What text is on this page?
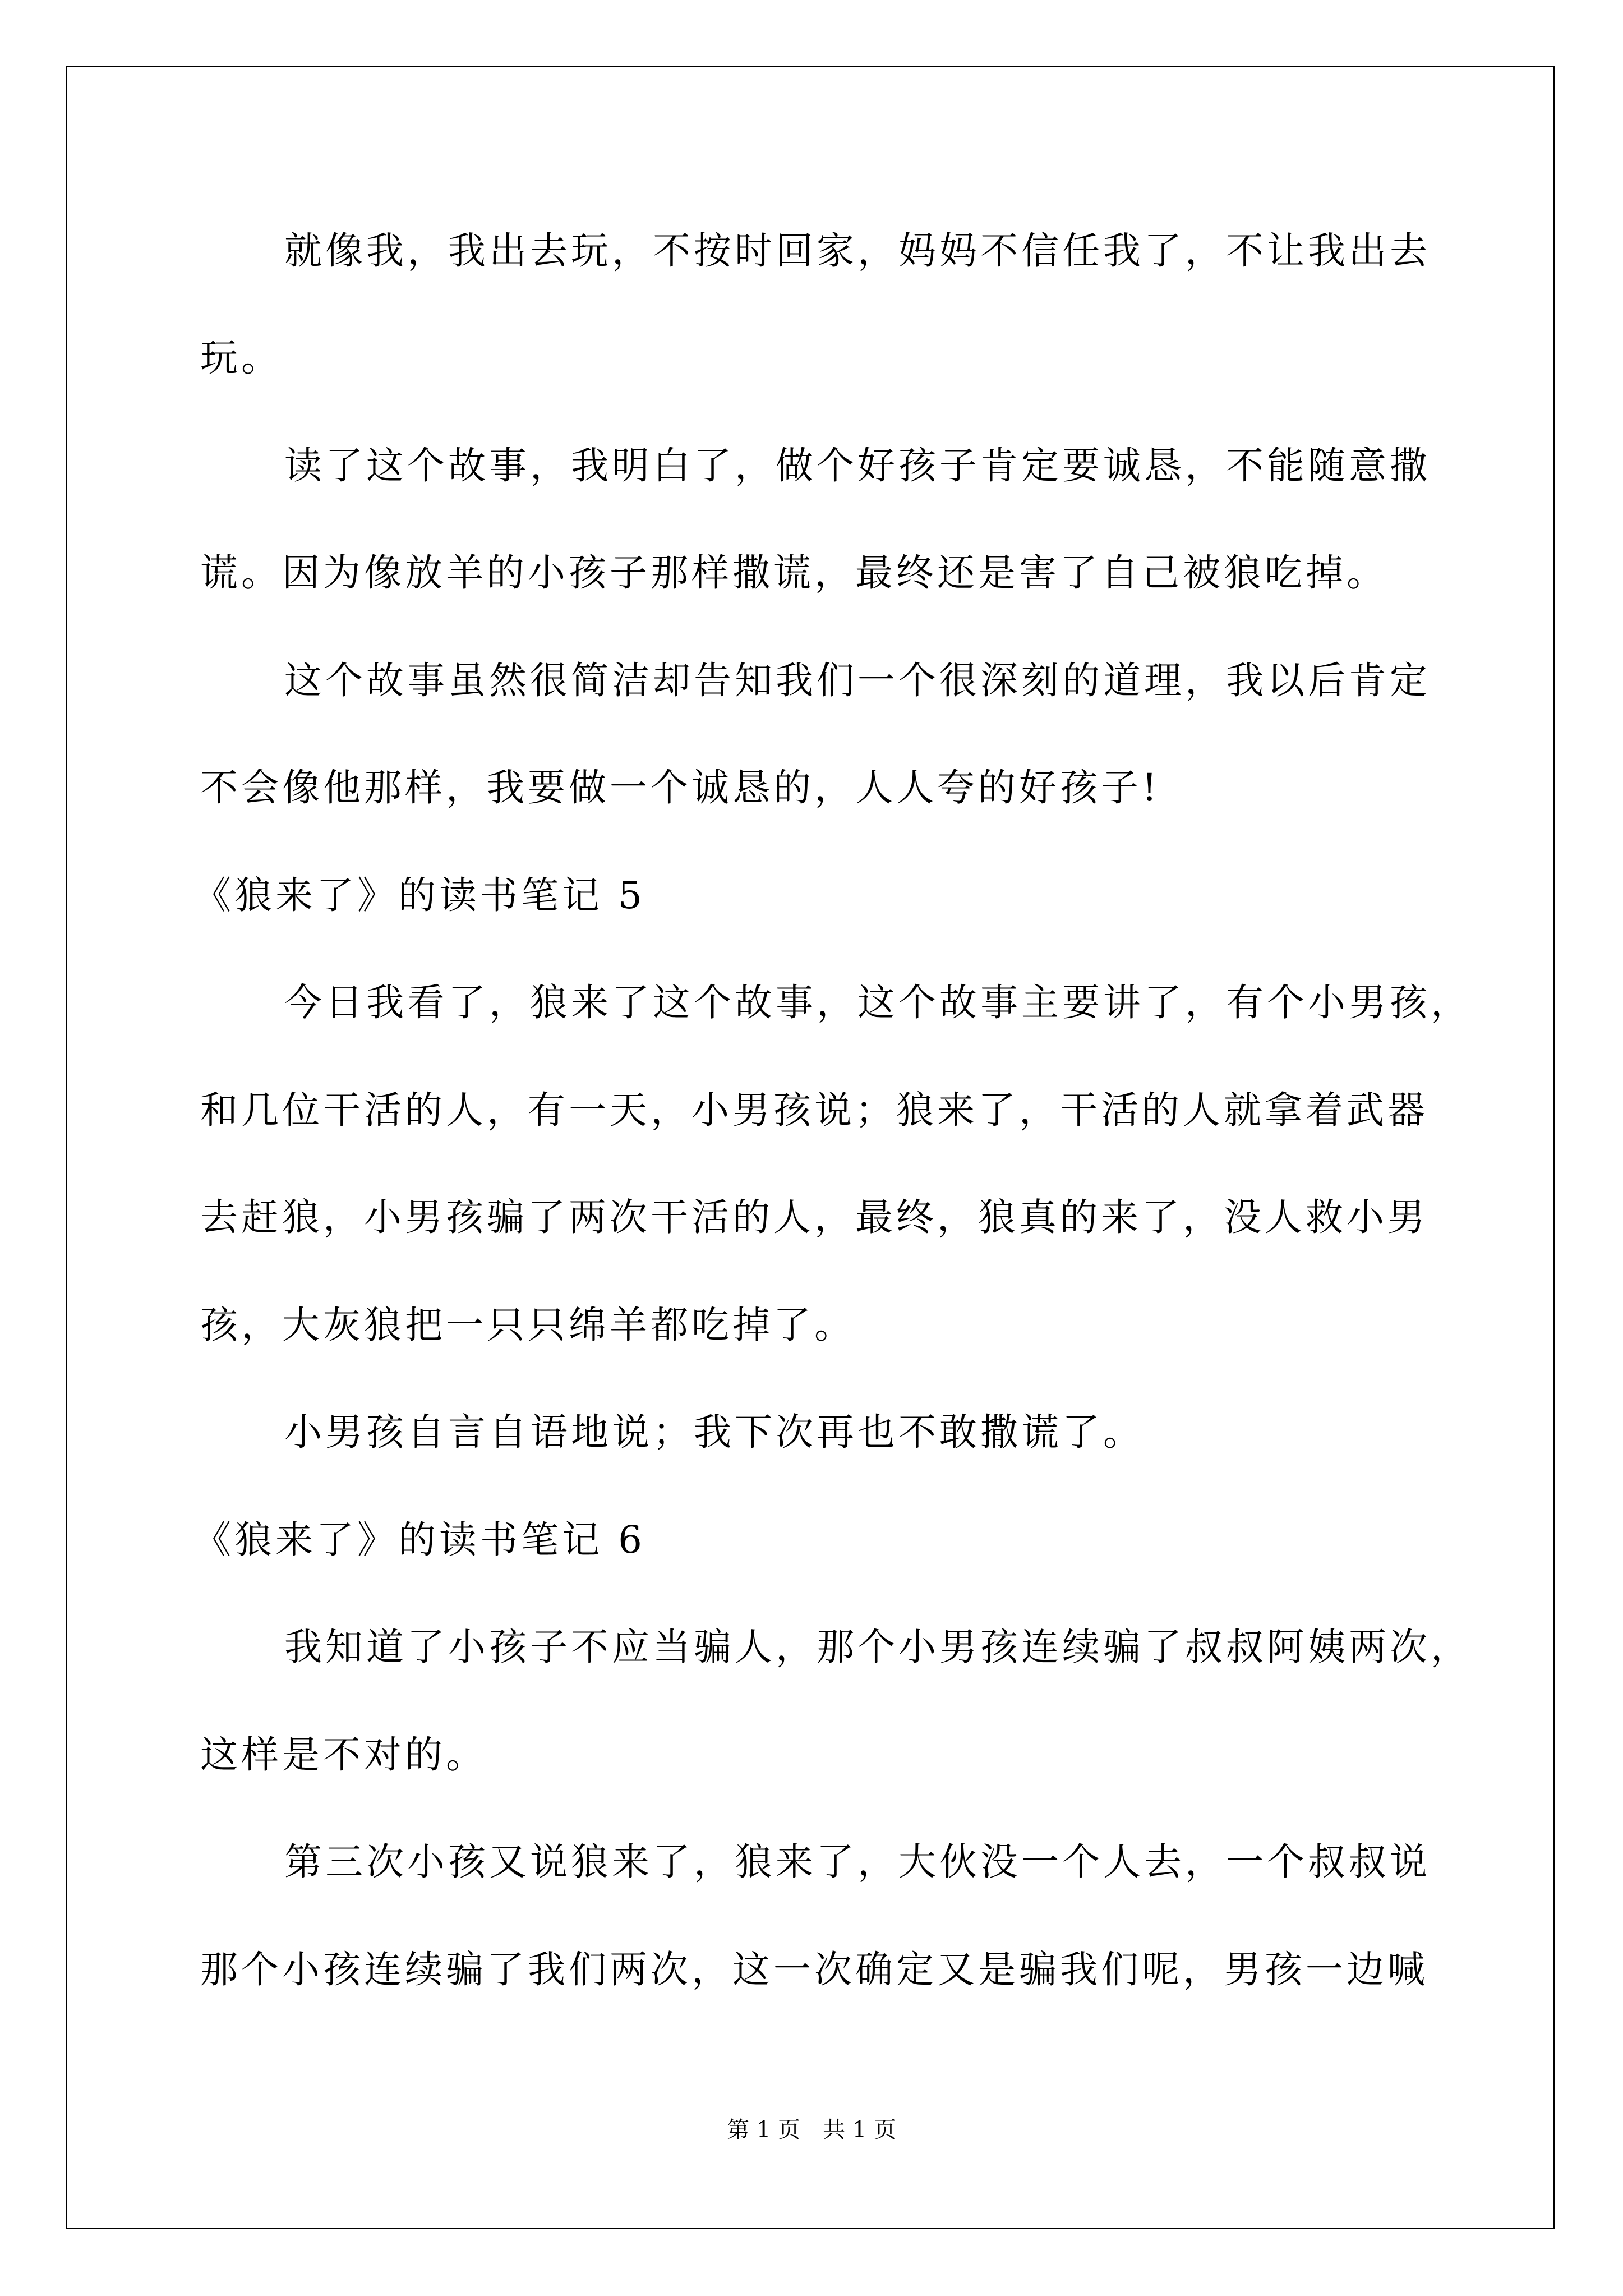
就像我，我出去玩，不按时回家，妈妈不信任我了，不让我出去
玩。
读了这个故事，我明白了，做个好孩子肯定要诚恳，不能随意撒
谎。因为像放羊的小孩子那样撒谎，最终还是害了自己被狼吃掉。
这个故事虽然很简洁却告知我们一个很深刻的道理，我以后肯定
不会像他那样，我要做一个诚恳的，人人夸的好孩子!
《狼来了》的读书笔记 5
今日我看了，狼来了这个故事，这个故事主要讲了，有个小男孩，
和几位干活的人，有一天，小男孩说；狼来了，干活的人就拿着武器
去赶狼，小男孩骗了两次干活的人，最终，狼真的来了，没人救小男
孩，大灰狼把一只只绵羊都吃掉了。
小男孩自言自语地说；我下次再也不敢撒谎了。
《狼来了》的读书笔记 6
我知道了小孩子不应当骗人，那个小男孩连续骗了叔叔阿姨两次，
这样是不对的。
第三次小孩又说狼来了，狼来了，大伙没一个人去，一个叔叔说
那个小孩连续骗了我们两次，这一次确定又是骗我们呢，男孩一边喊
第 1 页　共 1 页
